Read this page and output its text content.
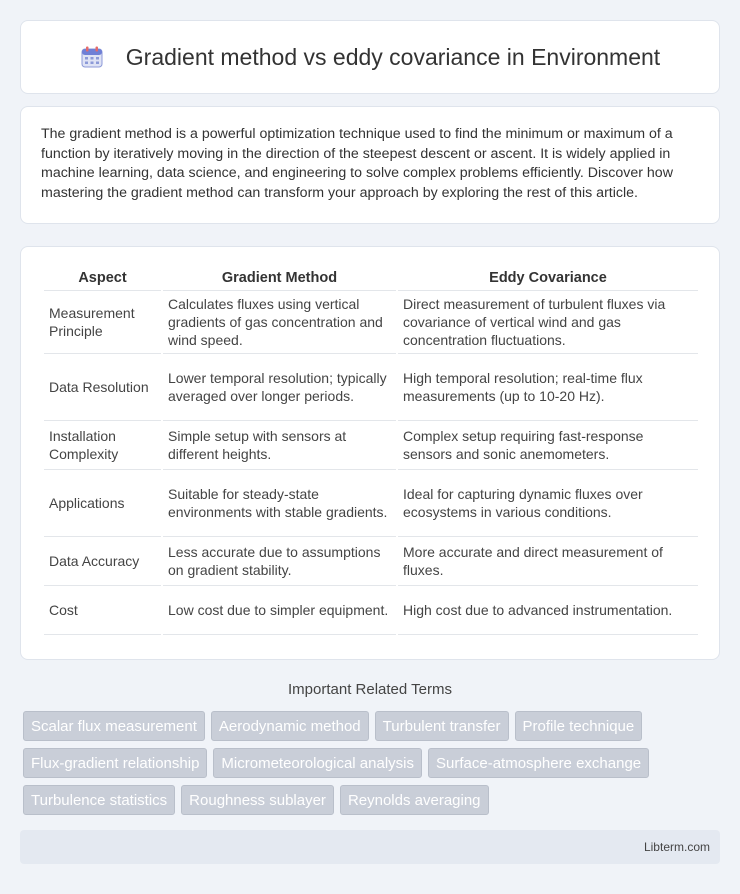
Gradient method vs eddy covariance in Environment

The gradient method is a powerful optimization technique used to find the minimum or maximum of a function by iteratively moving in the direction of the steepest descent or ascent. It is widely applied in machine learning, data science, and engineering to solve complex problems efficiently. Discover how mastering the gradient method can transform your approach by exploring the rest of this article.

Aspect	Gradient Method	Eddy Covariance
Measurement Principle	Calculates fluxes using vertical gradients of gas concentration and wind speed.	Direct measurement of turbulent fluxes via covariance of vertical wind and gas concentration fluctuations.
Data Resolution	Lower temporal resolution; typically averaged over longer periods.	High temporal resolution; real-time flux measurements (up to 10-20 Hz).
Installation Complexity	Simple setup with sensors at different heights.	Complex setup requiring fast-response sensors and sonic anemometers.
Applications	Suitable for steady-state environments with stable gradients.	Ideal for capturing dynamic fluxes over ecosystems in various conditions.
Data Accuracy	Less accurate due to assumptions on gradient stability.	More accurate and direct measurement of fluxes.
Cost	Low cost due to simpler equipment.	High cost due to advanced instrumentation.
Important Related Terms
Scalar flux measurement	Aerodynamic method	Turbulent transfer	Profile technique
Flux-gradient relationship	Micrometeorological analysis	Surface-atmosphere exchange
Turbulence statistics	Roughness sublayer	Reynolds averaging
Libterm.com
